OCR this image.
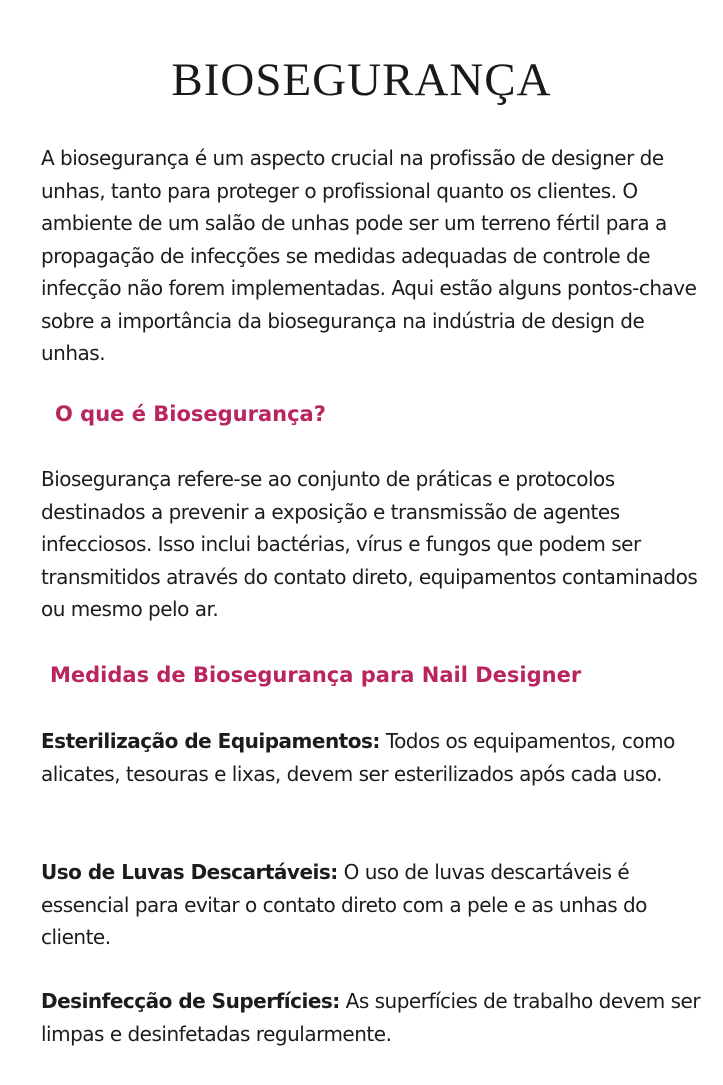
BIOSEGURANÇA

A biosegurança é um aspecto crucial na profissão de designer de unhas, tanto para proteger o profissional quanto os clientes. O ambiente de um salão de unhas pode ser um terreno fértil para a propagação de infecções se medidas adequadas de controle de infecção não forem implementadas. Aqui estão alguns pontos-chave sobre a importância da biosegurança na indústria de design de unhas.

O que é Biosegurança?

Biosegurança refere-se ao conjunto de práticas e protocolos destinados a prevenir a exposição e transmissão de agentes infecciosos. Isso inclui bactérias, vírus e fungos que podem ser transmitidos através do contato direto, equipamentos contaminados ou mesmo pelo ar.

Medidas de Biosegurança para Nail Designer

Esterilização de Equipamentos: Todos os equipamentos, como alicates, tesouras e lixas, devem ser esterilizados após cada uso.

Uso de Luvas Descartáveis: O uso de luvas descartáveis é essencial para evitar o contato direto com a pele e as unhas do cliente.

Desinfecção de Superfícies: As superfícies de trabalho devem ser limpas e desinfetadas regularmente.
